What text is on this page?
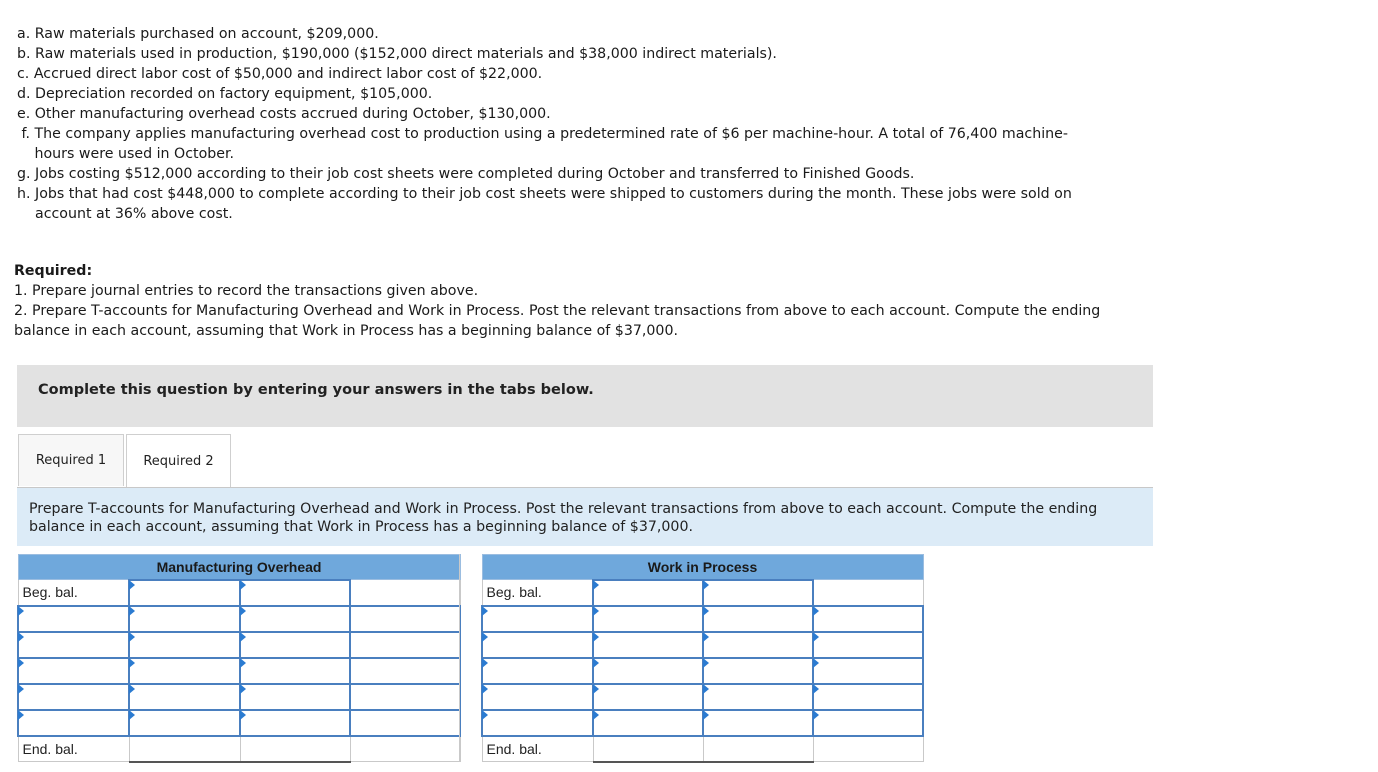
a. Raw materials purchased on account, $209,000.
b. Raw materials used in production, $190,000 ($152,000 direct materials and $38,000 indirect materials).
c. Accrued direct labor cost of $50,000 and indirect labor cost of $22,000.
d. Depreciation recorded on factory equipment, $105,000.
e. Other manufacturing overhead costs accrued during October, $130,000.
f. The company applies manufacturing overhead cost to production using a predetermined rate of $6 per machine-hour. A total of 76,400 machine-hours were used in October.
g. Jobs costing $512,000 according to their job cost sheets were completed during October and transferred to Finished Goods.
h. Jobs that had cost $448,000 to complete according to their job cost sheets were shipped to customers during the month. These jobs were sold on account at 36% above cost.
Required:
1. Prepare journal entries to record the transactions given above.
2. Prepare T-accounts for Manufacturing Overhead and Work in Process. Post the relevant transactions from above to each account. Compute the ending balance in each account, assuming that Work in Process has a beginning balance of $37,000.
Complete this question by entering your answers in the tabs below.
Required 1	Required 2
Prepare T-accounts for Manufacturing Overhead and Work in Process. Post the relevant transactions from above to each account. Compute the ending balance in each account, assuming that Work in Process has a beginning balance of $37,000.
Manufacturing Overhead			
Beg. bal.			

End. bal.			
Work in Process			
Beg. bal.			

End. bal.			
